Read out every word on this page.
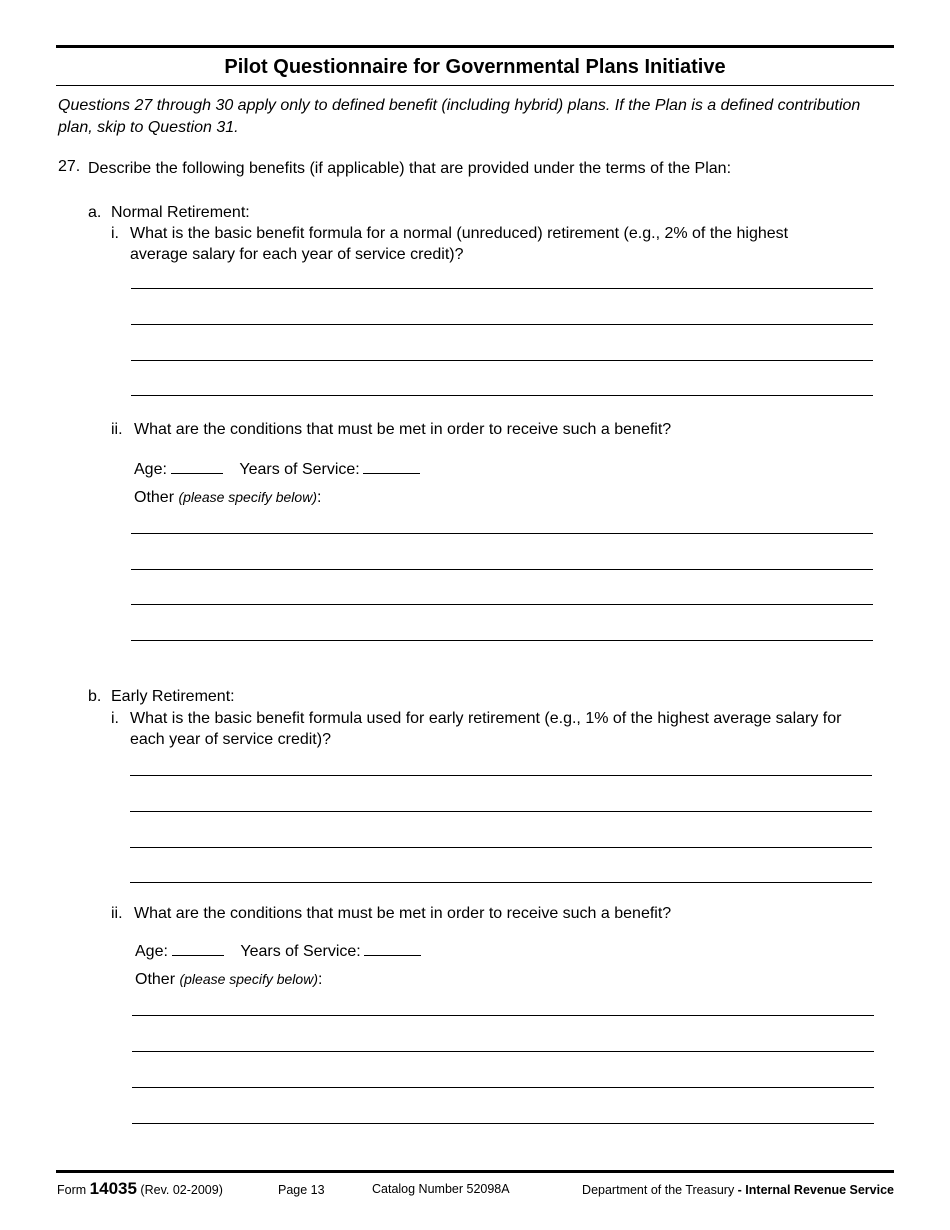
Pilot Questionnaire for Governmental Plans Initiative
Questions 27 through 30 apply only to defined benefit (including hybrid) plans. If the Plan is a defined contribution plan, skip to Question 31.
27. Describe the following benefits (if applicable) that are provided under the terms of the Plan:
a. Normal Retirement:
i. What is the basic benefit formula for a normal (unreduced) retirement (e.g., 2% of the highest
average salary for each year of service credit)?
ii. What are the conditions that must be met in order to receive such a benefit?
Age:	Years of Service:
Other (please specify below):
b. Early Retirement:
i. What is the basic benefit formula used for early retirement (e.g., 1% of the highest average salary for
each year of service credit)?
ii. What are the conditions that must be met in order to receive such a benefit?
Age:	Years of Service:
Other (please specify below):
Form 14035 (Rev. 02-2009)	Page 13	Catalog Number 52098A	Department of the Treasury - Internal Revenue Service
